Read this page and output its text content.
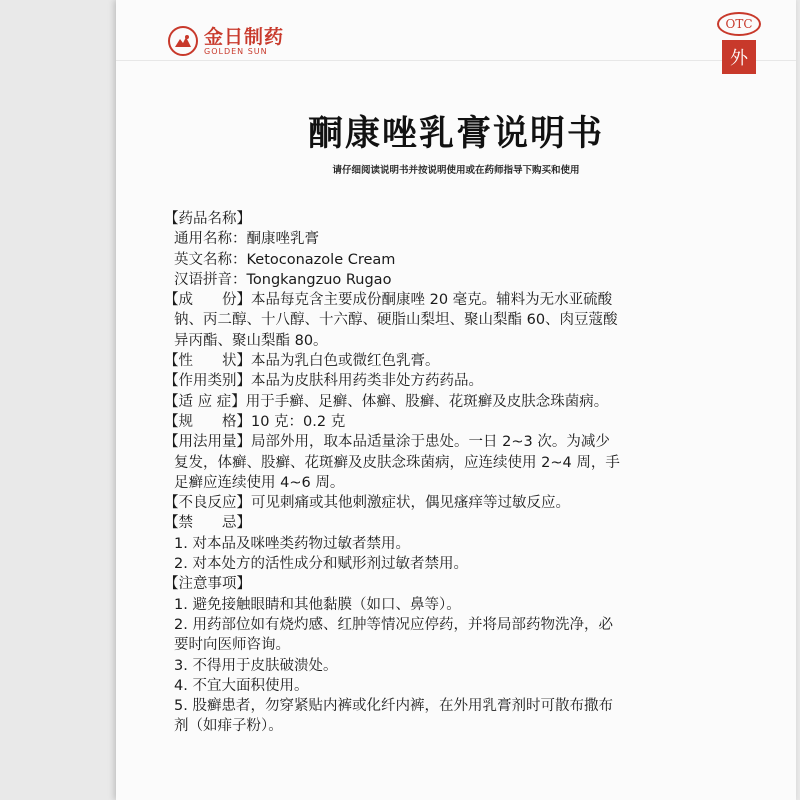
金日制药
GOLDEN SUN
OTC
外
酮康唑乳膏说明书
请仔细阅读说明书并按说明使用或在药师指导下购买和使用

【药品名称】

通用名称：酮康唑乳膏

英文名称：Ketoconazole Cream

汉语拼音：Tongkangzuo Rugao

【成　　份】本品每克含主要成份酮康唑 20 毫克。辅料为无水亚硫酸

钠、丙二醇、十八醇、十六醇、硬脂山梨坦、聚山梨酯 60、肉豆蔻酸

异丙酯、聚山梨酯 80。

【性　　状】本品为乳白色或微红色乳膏。

【作用类别】本品为皮肤科用药类非处方药药品。

【适 应 症】用于手癣、足癣、体癣、股癣、花斑癣及皮肤念珠菌病。

【规　　格】10 克：0.2 克

【用法用量】局部外用，取本品适量涂于患处。一日 2~3 次。为减少

复发，体癣、股癣、花斑癣及皮肤念珠菌病，应连续使用 2~4 周，手

足癣应连续使用 4~6 周。

【不良反应】可见刺痛或其他刺激症状，偶见瘙痒等过敏反应。

【禁　　忌】

1. 对本品及咪唑类药物过敏者禁用。

2. 对本处方的活性成分和赋形剂过敏者禁用。

【注意事项】

1. 避免接触眼睛和其他黏膜（如口、鼻等）。

2. 用药部位如有烧灼感、红肿等情况应停药，并将局部药物洗净，必

要时向医师咨询。

3. 不得用于皮肤破溃处。

4. 不宜大面积使用。

5. 股癣患者，勿穿紧贴内裤或化纤内裤，在外用乳膏剂时可散布撒布

剂（如痱子粉）。
